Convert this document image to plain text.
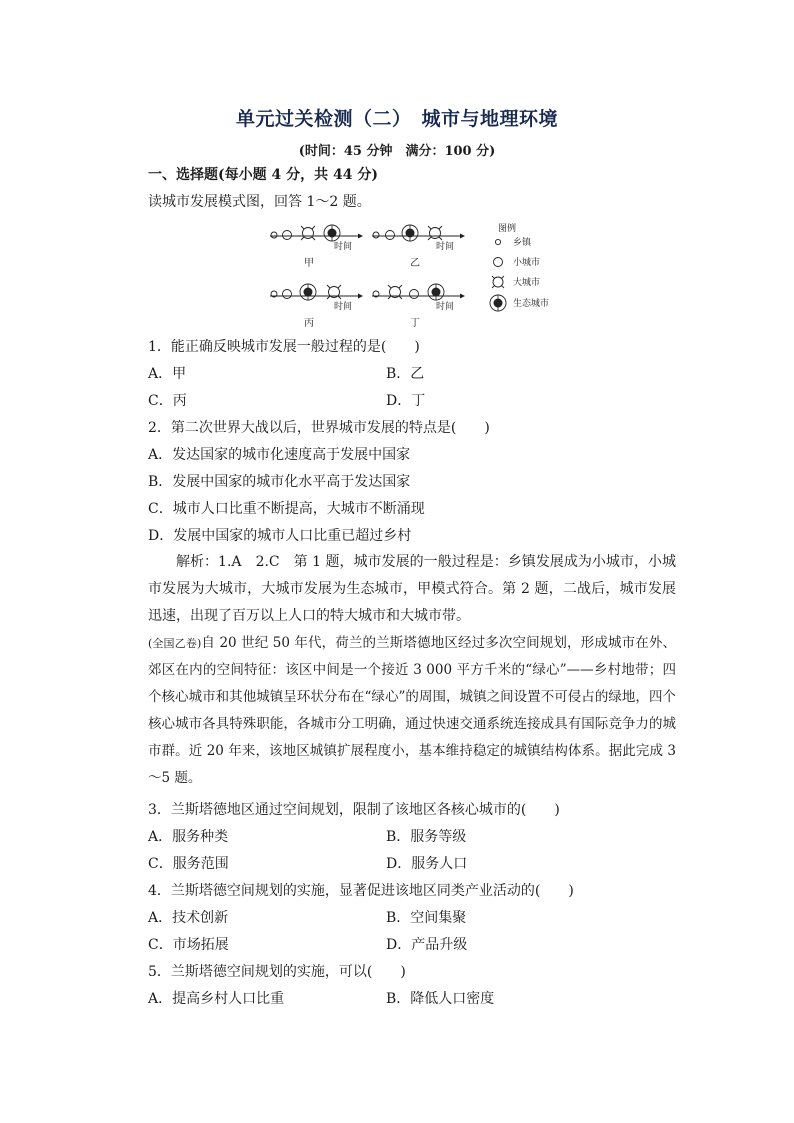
单元过关检测（二）　城市与地理环境
(时间：45 分钟　满分：100 分)
一、选择题(每小题 4 分，共 44 分)
读城市发展模式图，回答 1～2 题。
时间
甲
时间
乙
时间
丙
时间
丁
图例
乡镇
小城市
大城市
生态城市
1．能正确反映城市发展一般过程的是(　　)
A．甲	B．乙
C．丙	D．丁
2．第二次世界大战以后，世界城市发展的特点是(　　)
A．发达国家的城市化速度高于发展中国家
B．发展中国家的城市化水平高于发达国家
C．城市人口比重不断提高，大城市不断涌现
D．发展中国家的城市人口比重已超过乡村
解析：1.A　2.C　第 1 题，城市发展的一般过程是：乡镇发展成为小城市，小城市发展为大城市，大城市发展为生态城市，甲模式符合。第 2 题，二战后，城市发展迅速，出现了百万以上人口的特大城市和大城市带。
(全国乙卷)自 20 世纪 50 年代，荷兰的兰斯塔德地区经过多次空间规划，形成城市在外、郊区在内的空间特征：该区中间是一个接近 3 000 平方千米的“绿心”——乡村地带；四个核心城市和其他城镇呈环状分布在“绿心”的周围，城镇之间设置不可侵占的绿地，四个核心城市各具特殊职能，各城市分工明确，通过快速交通系统连接成具有国际竞争力的城市群。近 20 年来，该地区城镇扩展程度小，基本维持稳定的城镇结构体系。据此完成 3～5 题。
3．兰斯塔德地区通过空间规划，限制了该地区各核心城市的(　　)
A．服务种类	B．服务等级
C．服务范围	D．服务人口
4．兰斯塔德空间规划的实施，显著促进该地区同类产业活动的(　　)
A．技术创新	B．空间集聚
C．市场拓展	D．产品升级
5．兰斯塔德空间规划的实施，可以(　　)
A．提高乡村人口比重	B．降低人口密度
